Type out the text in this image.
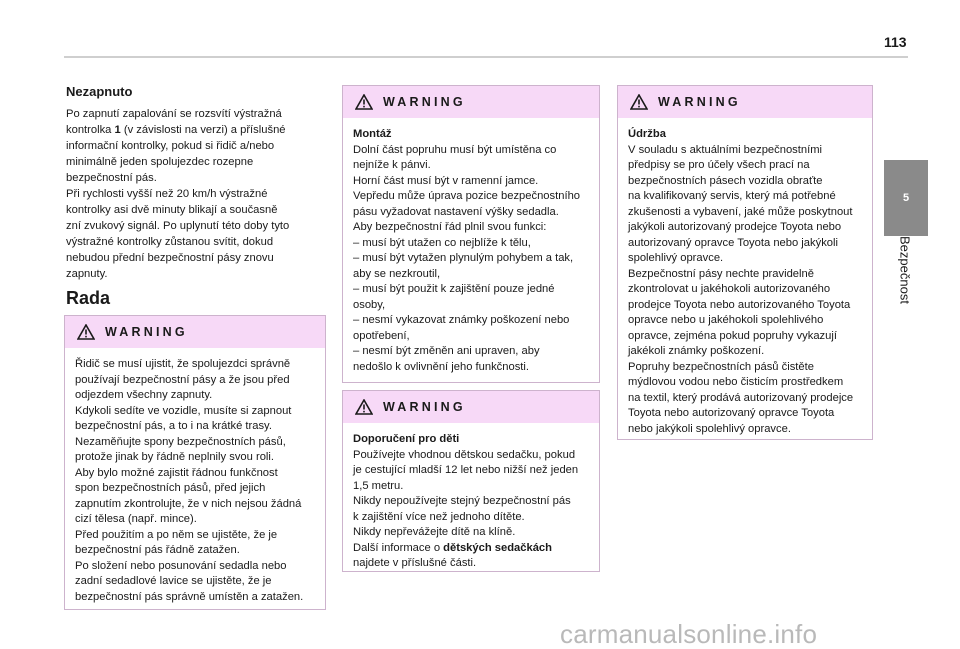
113
5
Bezpečnost
Nezapnuto
Po zapnutí zapalování se rozsvítí výstražná
kontrolka 1 (v závislosti na verzi) a příslušné
informační kontrolky, pokud si řidič a/nebo
minimálně jeden spolujezdec rozepne
bezpečnostní pás.
Při rychlosti vyšší než 20 km/h výstražné
kontrolky asi dvě minuty blikají a současně
zní zvukový signál. Po uplynutí této doby tyto
výstražné kontrolky zůstanou svítit, dokud
nebudou přední bezpečnostní pásy znovu
zapnuty.
Rada
WARNING
Řidič se musí ujistit, že spolujezdci správně
používají bezpečnostní pásy a že jsou před
odjezdem všechny zapnuty.
Kdykoli sedíte ve vozidle, musíte si zapnout
bezpečnostní pás, a to i na krátké trasy.
Nezaměňujte spony bezpečnostních pásů,
protože jinak by řádně neplnily svou roli.
Aby bylo možné zajistit řádnou funkčnost
spon bezpečnostních pásů, před jejich
zapnutím zkontrolujte, že v nich nejsou žádná
cizí tělesa (např. mince).
Před použitím a po něm se ujistěte, že je
bezpečnostní pás řádně zatažen.
Po složení nebo posunování sedadla nebo
zadní sedadlové lavice se ujistěte, že je
bezpečnostní pás správně umístěn a zatažen.
WARNING
Montáž
Dolní část popruhu musí být umístěna co
nejníže k pánvi.
Horní část musí být v ramenní jamce.
Vepředu může úprava pozice bezpečnostního
pásu vyžadovat nastavení výšky sedadla.
Aby bezpečnostní řád plnil svou funkci:
– musí být utažen co nejblíže k tělu,
– musí být vytažen plynulým pohybem a tak,
aby se nezkroutil,
– musí být použit k zajištění pouze jedné
osoby,
– nesmí vykazovat známky poškození nebo
opotřebení,
– nesmí být změněn ani upraven, aby
nedošlo k ovlivnění jeho funkčnosti.
WARNING
Doporučení pro děti
Používejte vhodnou dětskou sedačku, pokud
je cestující mladší 12 let nebo nižší než jeden
1,5 metru.
Nikdy nepoužívejte stejný bezpečnostní pás
k zajištění více než jednoho dítěte.
Nikdy nepřevážejte dítě na klíně.
Další informace o dětských sedačkách
najdete v příslušné části.
WARNING
Údržba
V souladu s aktuálními bezpečnostními
předpisy se pro účely všech prací na
bezpečnostních pásech vozidla obraťte
na kvalifikovaný servis, který má potřebné
zkušenosti a vybavení, jaké může poskytnout
jakýkoli autorizovaný prodejce Toyota nebo
autorizovaný opravce Toyota nebo jakýkoli
spolehlivý opravce.
Bezpečnostní pásy nechte pravidelně
zkontrolovat u jakéhokoli autorizovaného
prodejce Toyota nebo autorizovaného Toyota
opravce nebo u jakéhokoli spolehlivého
opravce, zejména pokud popruhy vykazují
jakékoli známky poškození.
Popruhy bezpečnostních pásů čistěte
mýdlovou vodou nebo čisticím prostředkem
na textil, který prodává autorizovaný prodejce
Toyota nebo autorizovaný opravce Toyota
nebo jakýkoli spolehlivý opravce.
carmanualsonline.info
